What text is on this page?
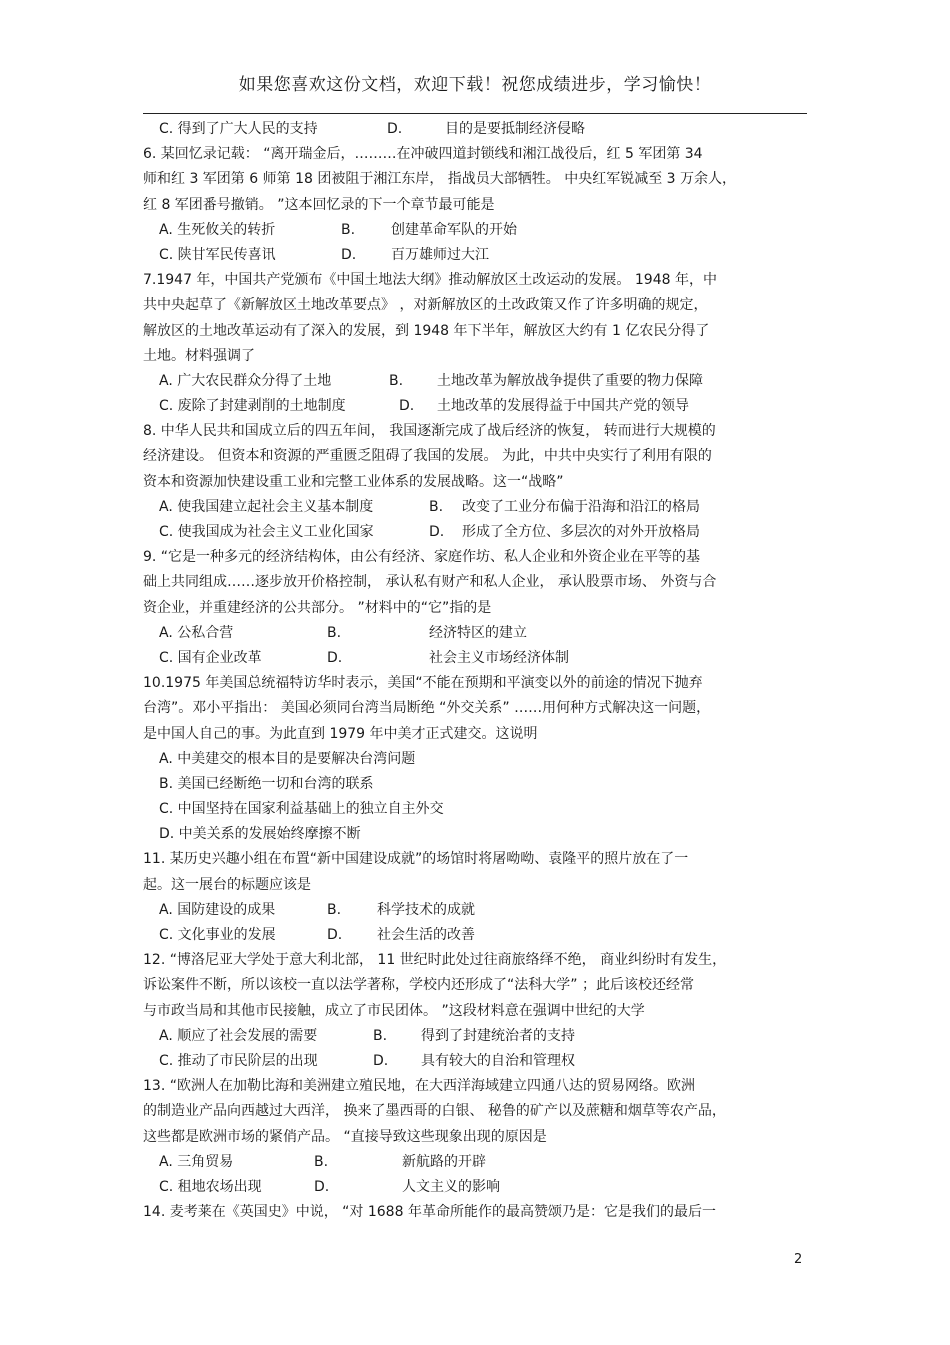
如果您喜欢这份文档，欢迎下载！祝您成绩进步，学习愉快！
C. 得到了广大人民的支持	D.	目的是要抵制经济侵略
6. 某回忆录记载： “离开瑞金后，………在冲破四道封锁线和湘江战役后，红 5 军团第 34
师和红 3 军团第 6 师第 18 团被阻于湘江东岸， 指战员大部牺牲。 中央红军锐减至 3 万余人，
红 8 军团番号撤销。 ”这本回忆录的下一个章节最可能是
A. 生死攸关的转折	B.	创建革命军队的开始
C. 陕甘军民传喜讯	D. 百万雄师过大江
7.1947 年，中国共产党颁布《中国土地法大纲》推动解放区土改运动的发展。 1948 年，中
共中央起草了《新解放区土地改革要点》 ，对新解放区的土改政策又作了许多明确的规定，
解放区的土地改革运动有了深入的发展，到 1948 年下半年，解放区大约有 1 亿农民分得了
土地。材料强调了
A. 广大农民群众分得了土地	B. 土地改革为解放战争提供了重要的物力保障
C. 废除了封建剥削的土地制度	D. 土地改革的发展得益于中国共产党的领导
8. 中华人民共和国成立后的四五年间， 我国逐渐完成了战后经济的恢复， 转而进行大规模的
经济建设。 但资本和资源的严重匮乏阻碍了我国的发展。 为此，中共中央实行了利用有限的
资本和资源加快建设重工业和完整工业体系的发展战略。这一“战略”
A. 使我国建立起社会主义基本制度	B. 改变了工业分布偏于沿海和沿江的格局
C. 使我国成为社会主义工业化国家	D. 形成了全方位、多层次的对外开放格局
9. “它是一种多元的经济结构体，由公有经济、家庭作坊、私人企业和外资企业在平等的基
础上共同组成……逐步放开价格控制， 承认私有财产和私人企业， 承认股票市场、 外资与合
资企业，并重建经济的公共部分。 ”材料中的“它”指的是
A. 公私合营	B.	经济特区的建立
C. 国有企业改革	D.	社会主义市场经济体制
10.1975 年美国总统福特访华时表示，美国“不能在预期和平演变以外的前途的情况下抛弃
台湾”。邓小平指出： 美国必须同台湾当局断绝 “外交关系” ……用何种方式解决这一问题，
是中国人自己的事。为此直到 1979 年中美才正式建交。这说明
A. 中美建交的根本目的是要解决台湾问题
B. 美国已经断绝一切和台湾的联系
C. 中国坚持在国家利益基础上的独立自主外交
D. 中美关系的发展始终摩擦不断
11. 某历史兴趣小组在布置“新中国建设成就”的场馆时将屠呦呦、袁隆平的照片放在了一
起。这一展台的标题应该是
A. 国防建设的成果	B.	科学技术的成就
C. 文化事业的发展	D. 社会生活的改善
12. “博洛尼亚大学处于意大利北部， 11 世纪时此处过往商旅络绎不绝， 商业纠纷时有发生，
诉讼案件不断，所以该校一直以法学著称，学校内还形成了“法科大学” ；此后该校还经常
与市政当局和其他市民接触，成立了市民团体。 ”这段材料意在强调中世纪的大学
A. 顺应了社会发展的需要	B. 得到了封建统治者的支持
C. 推动了市民阶层的出现	D. 具有较大的自治和管理权
13. “欧洲人在加勒比海和美洲建立殖民地，在大西洋海域建立四通八达的贸易网络。欧洲
的制造业产品向西越过大西洋， 换来了墨西哥的白银、 秘鲁的矿产以及蔗糖和烟草等农产品，
这些都是欧洲市场的紧俏产品。 “直接导致这些现象出现的原因是
A. 三角贸易	B.	新航路的开辟
C. 租地农场出现	D.	人文主义的影响
14. 麦考莱在《英国史》中说， “对 1688 年革命所能作的最高赞颂乃是：它是我们的最后一
2
